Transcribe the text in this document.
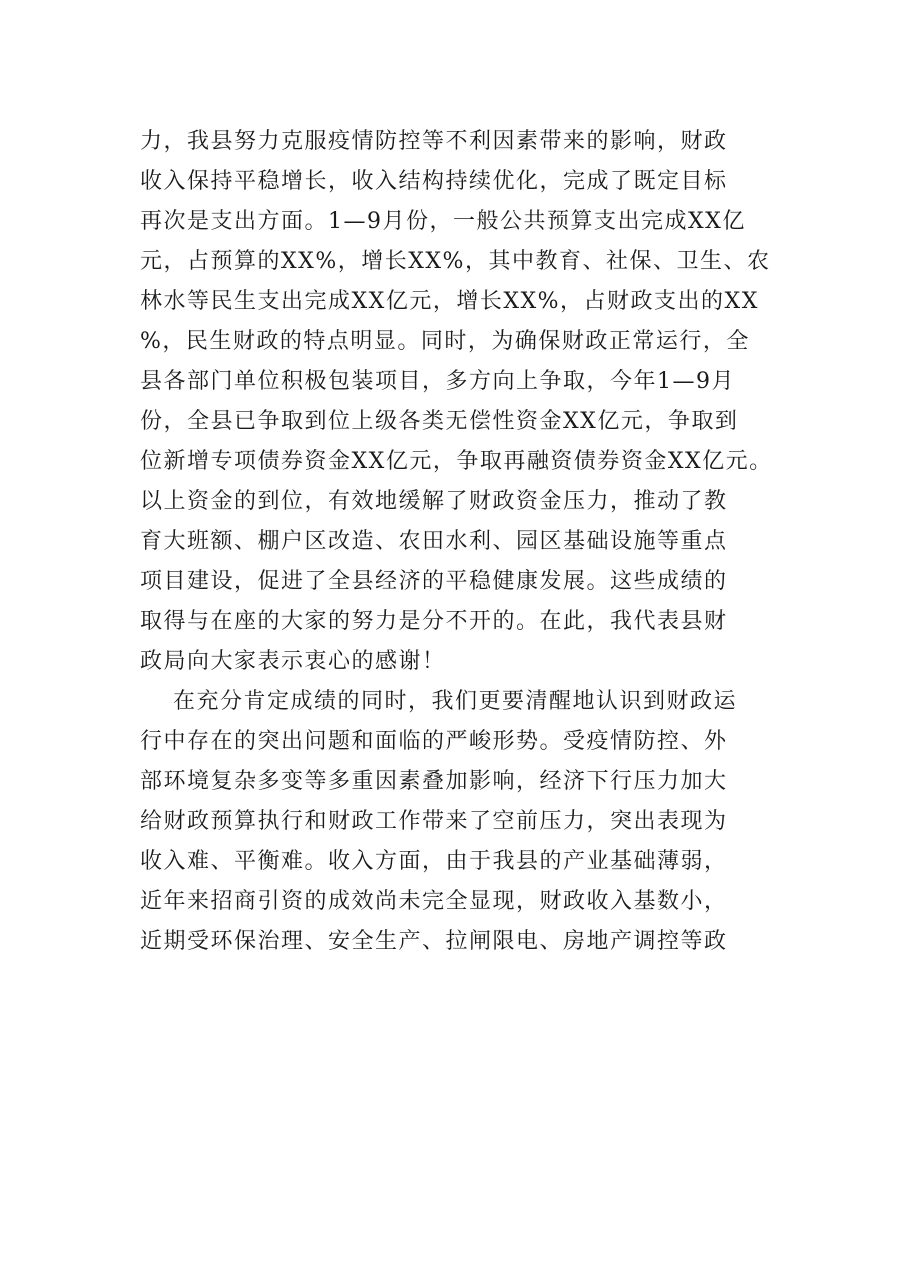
力，我县努力克服疫情防控等不利因素带来的影响，财政
收入保持平稳增长，收入结构持续优化，完成了既定目标
再次是支出方面。1—9月份，一般公共预算支出完成XX亿
元，占预算的XX%，增长XX%，其中教育、社保、卫生、农
林水等民生支出完成XX亿元，增长XX%，占财政支出的XX
%，民生财政的特点明显。同时，为确保财政正常运行，全
县各部门单位积极包装项目，多方向上争取，今年1—9月
份，全县已争取到位上级各类无偿性资金XX亿元，争取到
位新增专项债券资金XX亿元，争取再融资债券资金XX亿元。
以上资金的到位，有效地缓解了财政资金压力，推动了教
育大班额、棚户区改造、农田水利、园区基础设施等重点
项目建设，促进了全县经济的平稳健康发展。这些成绩的
取得与在座的大家的努力是分不开的。在此，我代表县财
政局向大家表示衷心的感谢！
在充分肯定成绩的同时，我们更要清醒地认识到财政运
行中存在的突出问题和面临的严峻形势。受疫情防控、外
部环境复杂多变等多重因素叠加影响，经济下行压力加大
给财政预算执行和财政工作带来了空前压力，突出表现为
收入难、平衡难。收入方面，由于我县的产业基础薄弱，
近年来招商引资的成效尚未完全显现，财政收入基数小，
近期受环保治理、安全生产、拉闸限电、房地产调控等政
